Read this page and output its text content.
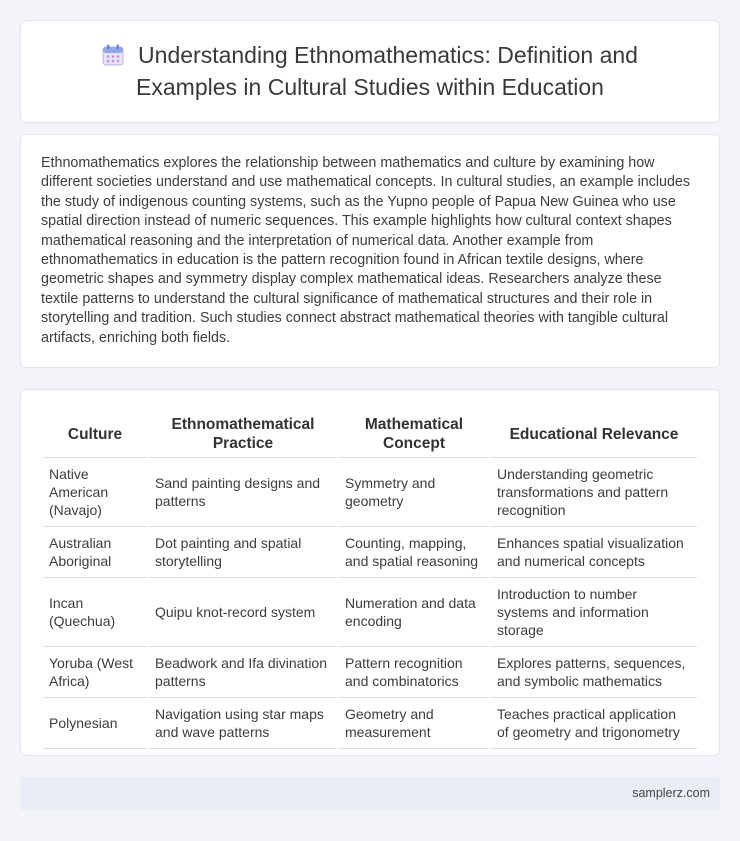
Understanding Ethnomathematics: Definition and Examples in Cultural Studies within Education

Ethnomathematics explores the relationship between mathematics and culture by examining how different societies understand and use mathematical concepts. In cultural studies, an example includes the study of indigenous counting systems, such as the Yupno people of Papua New Guinea who use spatial direction instead of numeric sequences. This example highlights how cultural context shapes mathematical reasoning and the interpretation of numerical data. Another example from ethnomathematics in education is the pattern recognition found in African textile designs, where geometric shapes and symmetry display complex mathematical ideas. Researchers analyze these textile patterns to understand the cultural significance of mathematical structures and their role in storytelling and tradition. Such studies connect abstract mathematical theories with tangible cultural artifacts, enriching both fields.

Culture	Ethnomathematical Practice	Mathematical Concept	Educational Relevance
Native American (Navajo)	Sand painting designs and patterns	Symmetry and geometry	Understanding geometric transformations and pattern recognition
Australian Aboriginal	Dot painting and spatial storytelling	Counting, mapping, and spatial reasoning	Enhances spatial visualization and numerical concepts
Incan (Quechua)	Quipu knot-record system	Numeration and data encoding	Introduction to number systems and information storage
Yoruba (West Africa)	Beadwork and Ifa divination patterns	Pattern recognition and combinatorics	Explores patterns, sequences, and symbolic mathematics
Polynesian	Navigation using star maps and wave patterns	Geometry and measurement	Teaches practical application of geometry and trigonometry
samplerz.com
